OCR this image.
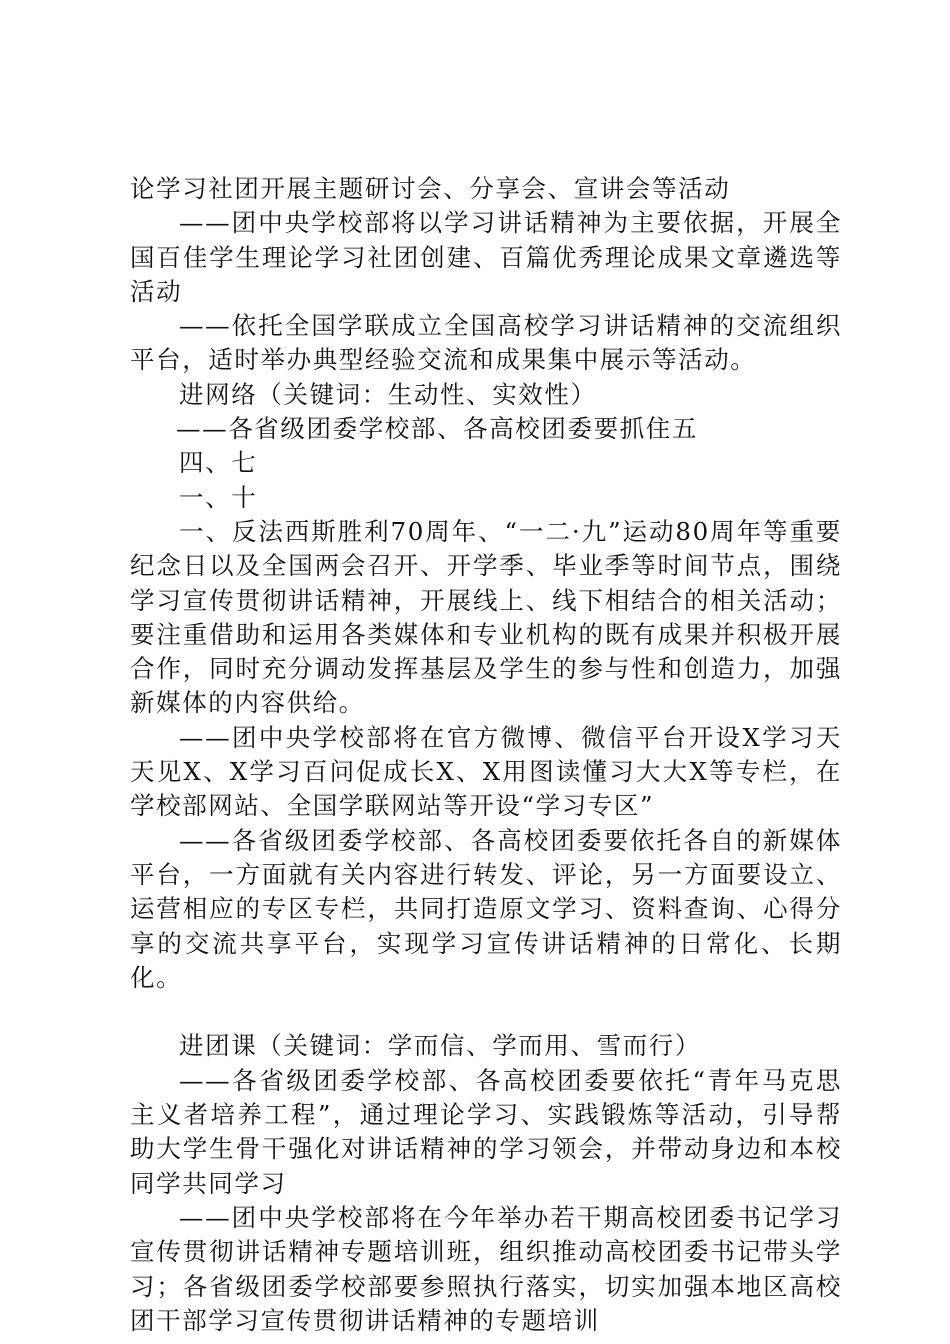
论学习社团开展主题研讨会、分享会、宣讲会等活动

——团中央学校部将以学习讲话精神为主要依据，开展全国百佳学生理论学习社团创建、百篇优秀理论成果文章遴选等活动

——依托全国学联成立全国高校学习讲话精神的交流组织平台，适时举办典型经验交流和成果集中展示等活动。

进网络（关键词：生动性、实效性）

——各省级团委学校部、各高校团委要抓住五

四、七

一、十

一、反法西斯胜利70周年、“一二·九”运动80周年等重要纪念日以及全国两会召开、开学季、毕业季等时间节点，围绕学习宣传贯彻讲话精神，开展线上、线下相结合的相关活动；要注重借助和运用各类媒体和专业机构的既有成果并积极开展合作，同时充分调动发挥基层及学生的参与性和创造力，加强新媒体的内容供给。

——团中央学校部将在官方微博、微信平台开设X学习天天见X、X学习百问促成长X、X用图读懂习大大X等专栏，在学校部网站、全国学联网站等开设“学习专区”

——各省级团委学校部、各高校团委要依托各自的新媒体平台，一方面就有关内容进行转发、评论，另一方面要设立、运营相应的专区专栏，共同打造原文学习、资料查询、心得分享的交流共享平台，实现学习宣传讲话精神的日常化、长期化。

进团课（关键词：学而信、学而用、雪而行）

——各省级团委学校部、各高校团委要依托“青年马克思主义者培养工程”，通过理论学习、实践锻炼等活动，引导帮助大学生骨干强化对讲话精神的学习领会，并带动身边和本校同学共同学习

——团中央学校部将在今年举办若干期高校团委书记学习宣传贯彻讲话精神专题培训班，组织推动高校团委书记带头学习；各省级团委学校部要参照执行落实，切实加强本地区高校团干部学习宣传贯彻讲话精神的专题培训
